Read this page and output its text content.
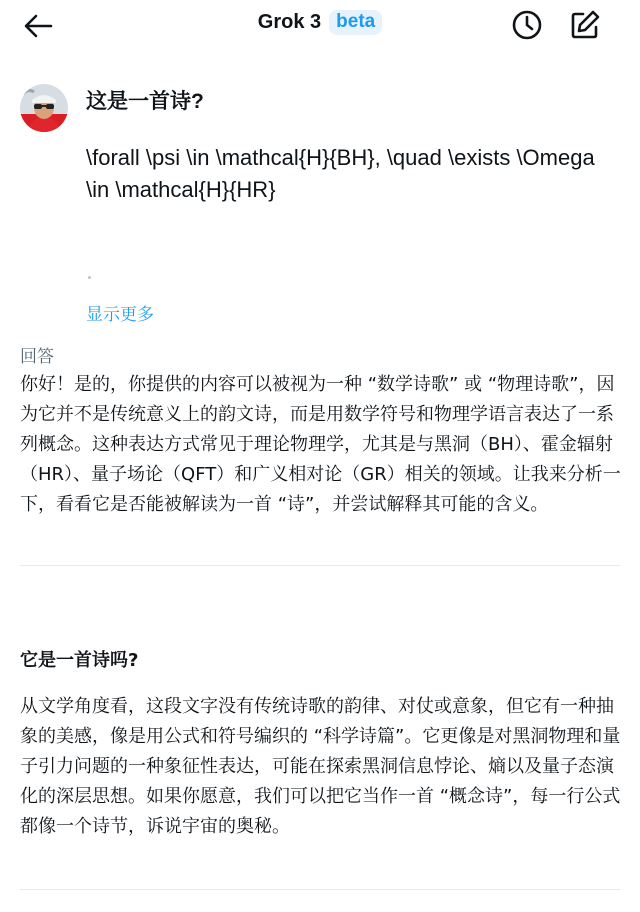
Grok 3 beta
这是一首诗?
\forall \psi \in \mathcal{H}{BH}, \quad \exists \Omega \in \mathcal{H}{HR}
显示更多
回答

你好！是的，你提供的内容可以被视为一种 “数学诗歌” 或 “物理诗歌”，因为它并不是传统意义上的韵文诗，而是用数学符号和物理学语言表达了一系列概念。这种表达方式常见于理论物理学，尤其是与黑洞（BH）、霍金辐射（HR）、量子场论（QFT）和广义相对论（GR）相关的领域。让我来分析一下，看看它是否能被解读为一首 “诗”，并尝试解释其可能的含义。

它是一首诗吗?

从文学角度看，这段文字没有传统诗歌的韵律、对仗或意象，但它有一种抽象的美感，像是用公式和符号编织的 “科学诗篇”。它更像是对黑洞物理和量子引力问题的一种象征性表达，可能在探索黑洞信息悖论、熵以及量子态演化的深层思想。如果你愿意，我们可以把它当作一首 “概念诗”，每一行公式都像一个诗节，诉说宇宙的奥秘。
